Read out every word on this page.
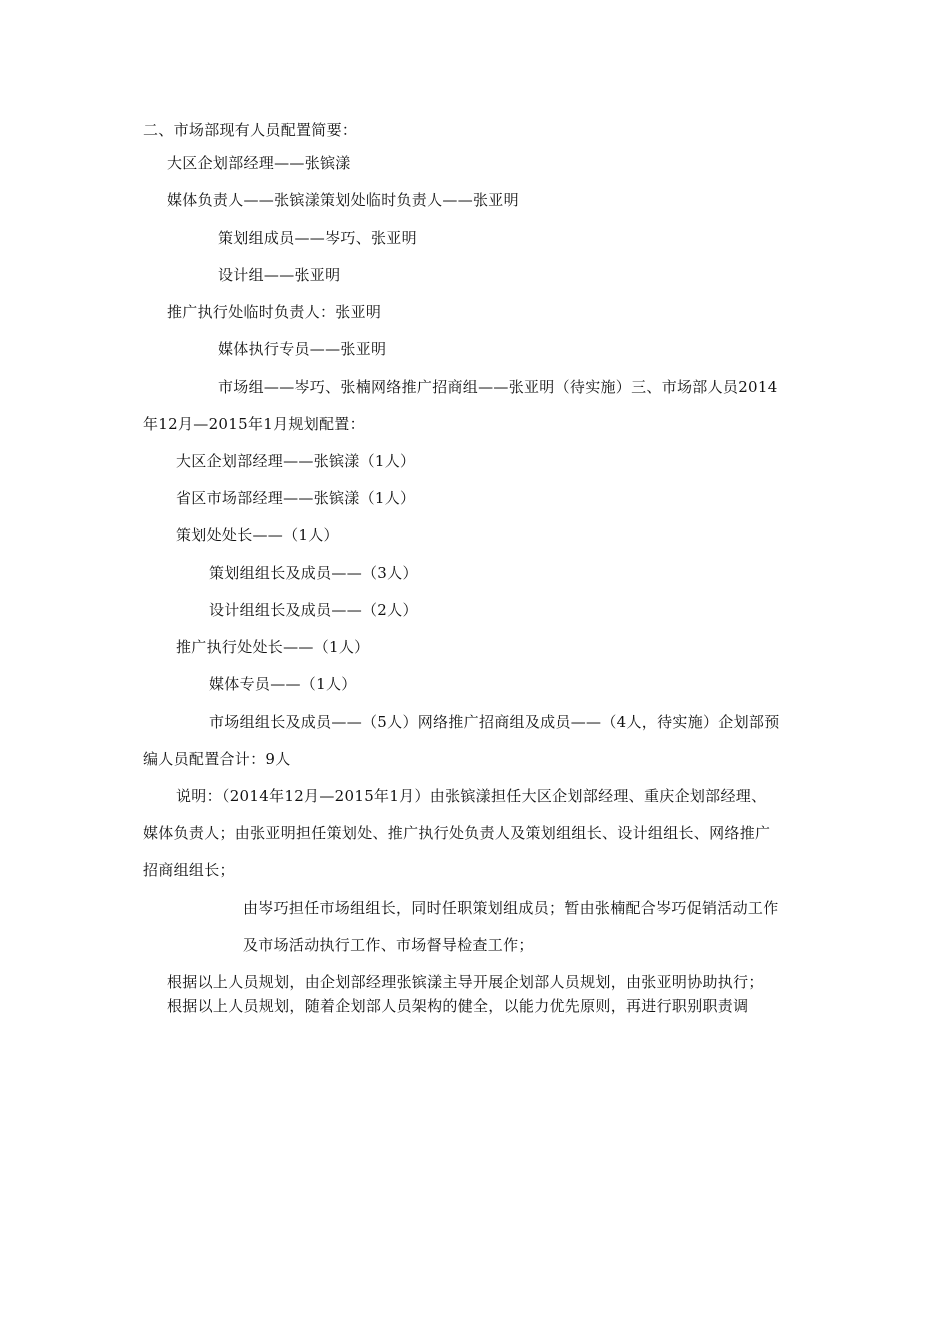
二、市场部现有人员配置简要：
大区企划部经理——张镔漾
媒体负责人——张镔漾策划处临时负责人——张亚明
策划组成员——岑巧、张亚明
设计组——张亚明
推广执行处临时负责人：张亚明
媒体执行专员——张亚明
市场组——岑巧、张楠网络推广招商组——张亚明（待实施）三、市场部人员2014
年12月—2015年1月规划配置：
大区企划部经理——张镔漾（1人）
省区市场部经理——张镔漾（1人）
策划处处长——（1人）
策划组组长及成员——（3人）
设计组组长及成员——（2人）
推广执行处处长——（1人）
媒体专员——（1人）
市场组组长及成员——（5人）网络推广招商组及成员——（4人，待实施）企划部预
编人员配置合计：9人
说明：（2014年12月—2015年1月）由张镔漾担任大区企划部经理、重庆企划部经理、
媒体负责人；由张亚明担任策划处、推广执行处负责人及策划组组长、设计组组长、网络推广
招商组组长；
由岑巧担任市场组组长，同时任职策划组成员；暂由张楠配合岑巧促销活动工作
及市场活动执行工作、市场督导检查工作；
根据以上人员规划，由企划部经理张镔漾主导开展企划部人员规划，由张亚明协助执行；
根据以上人员规划，随着企划部人员架构的健全，以能力优先原则，再进行职别职责调
